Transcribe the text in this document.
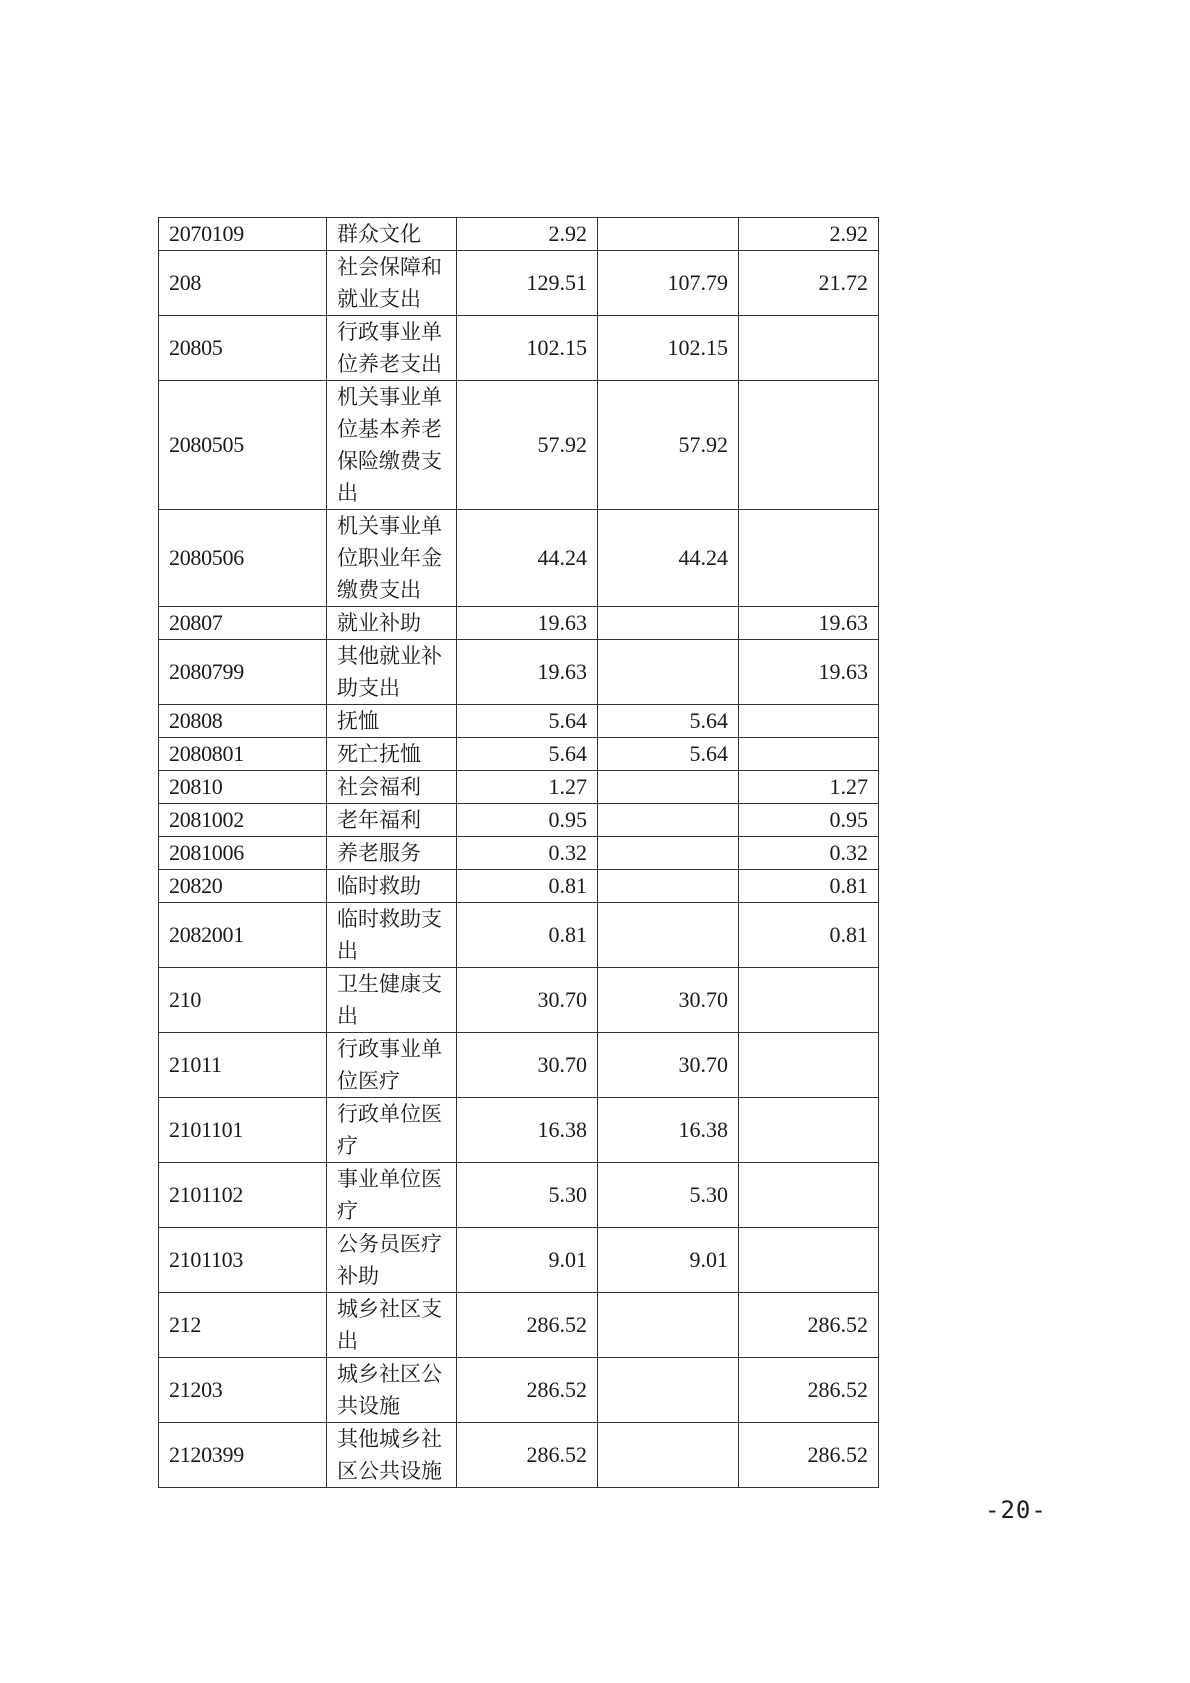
2070109	群众文化	2.92		2.92
208	社会保障和就业支出	129.51	107.79	21.72
20805	行政事业单位养老支出	102.15	102.15	
2080505	机关事业单位基本养老保险缴费支出	57.92	57.92	
2080506	机关事业单位职业年金缴费支出	44.24	44.24	
20807	就业补助	19.63		19.63
2080799	其他就业补助支出	19.63		19.63
20808	抚恤	5.64	5.64	
2080801	死亡抚恤	5.64	5.64	
20810	社会福利	1.27		1.27
2081002	老年福利	0.95		0.95
2081006	养老服务	0.32		0.32
20820	临时救助	0.81		0.81
2082001	临时救助支出	0.81		0.81
210	卫生健康支出	30.70	30.70	
21011	行政事业单位医疗	30.70	30.70	
2101101	行政单位医疗	16.38	16.38	
2101102	事业单位医疗	5.30	5.30	
2101103	公务员医疗补助	9.01	9.01	
212	城乡社区支出	286.52		286.52
21203	城乡社区公共设施	286.52		286.52
2120399	其他城乡社区公共设施	286.52		286.52
-20-
